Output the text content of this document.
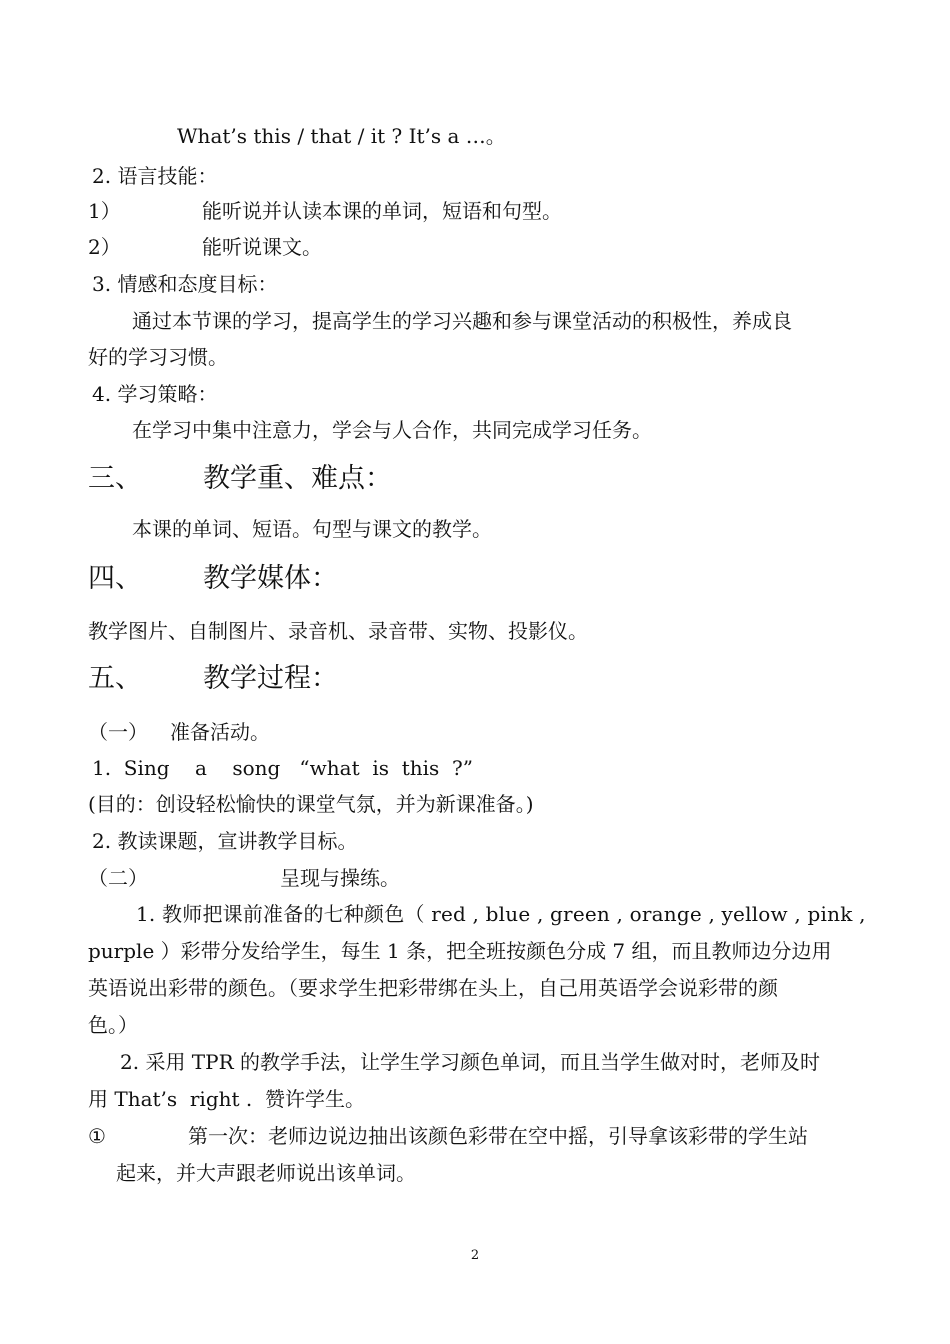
What’s this / that / it ? It’s a …。
2. 语言技能：
1）	能听说并认读本课的单词，短语和句型。
2）	能听说课文。
3. 情感和态度目标：
通过本节课的学习，提高学生的学习兴趣和参与课堂活动的积极性，养成良
好的学习习惯。
4. 学习策略：
在学习中集中注意力，学会与人合作，共同完成学习任务。
三、 教学重、难点：
本课的单词、短语。句型与课文的教学。
四、 教学媒体：
教学图片、自制图片、录音机、录音带、实物、投影仪。
五、 教学过程：
（一） 准备活动。
1.  Sing    a    song   “what  is  this  ?”
(目的：创设轻松愉快的课堂气氛，并为新课准备。)
2. 教读课题，宣讲教学目标。
（二）	呈现与操练。
1. 教师把课前准备的七种颜色（ red , blue , green , orange , yellow , pink ,
purple ）彩带分发给学生，每生 1 条，把全班按颜色分成 7 组，而且教师边分边用
英语说出彩带的颜色。（要求学生把彩带绑在头上，自己用英语学会说彩带的颜
色。）
2. 采用 TPR 的教学手法，让学生学习颜色单词，而且当学生做对时，老师及时
用 That’s  right .  赞许学生。
①	第一次：老师边说边抽出该颜色彩带在空中摇，引导拿该彩带的学生站
起来，并大声跟老师说出该单词。
2
